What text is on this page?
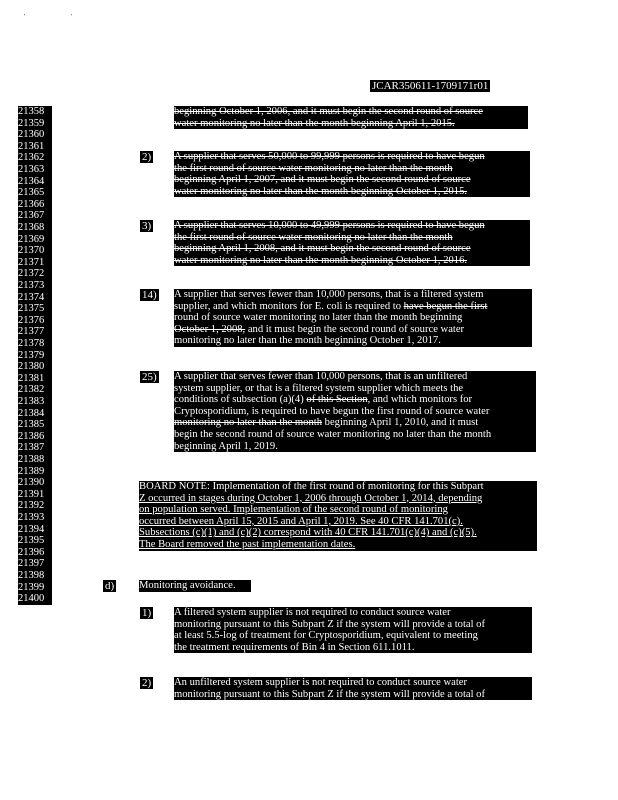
' '
JCAR350611-1709171r01
21358
21359
21360
21361
21362
21363
21364
21365
21366
21367
21368
21369
21370
21371
21372
21373
21374
21375
21376
21377
21378
21379
21380
21381
21382
21383
21384
21385
21386
21387
21388
21389
21390
21391
21392
21393
21394
21395
21396
21397
21398
21399
21400
2)
3)
14)
25)
d)
1)
2)
beginning October 1, 2006, and it must begin the second round of source
water monitoring no later than the month beginning April 1, 2015.
A supplier that serves 50,000 to 99,999 persons is required to have begun
the first round of source water monitoring no later than the month
beginning April 1, 2007, and it must begin the second round of source
water monitoring no later than the month beginning October 1, 2015.
A supplier that serves 10,000 to 49,999 persons is required to have begun
the first round of source water monitoring no later than the month
beginning April 1, 2008, and it must begin the second round of source
water monitoring no later than the month beginning October 1, 2016.
A supplier that serves fewer than 10,000 persons, that is a filtered system
supplier, and which monitors for E. coli is required to have begun the first
round of source water monitoring no later than the month beginning
October 1, 2008, and it must begin the second round of source water
monitoring no later than the month beginning October 1, 2017.
A supplier that serves fewer than 10,000 persons, that is an unfiltered
system supplier, or that is a filtered system supplier which meets the
conditions of subsection (a)(4) of this Section, and which monitors for
Cryptosporidium, is required to have begun the first round of source water
monitoring no later than the month beginning April 1, 2010, and it must
begin the second round of source water monitoring no later than the month
beginning April 1, 2019.
BOARD NOTE: Implementation of the first round of monitoring for this Subpart
Z occurred in stages during October 1, 2006 through October 1, 2014, depending
on population served. Implementation of the second round of monitoring
occurred between April 15, 2015 and April 1, 2019. See 40 CFR 141.701(c).
Subsections (c)(1) and (c)(2) correspond with 40 CFR 141.701(c)(4) and (c)(5).
The Board removed the past implementation dates.
Monitoring avoidance.
A filtered system supplier is not required to conduct source water
monitoring pursuant to this Subpart Z if the system will provide a total of
at least 5.5-log of treatment for Cryptosporidium, equivalent to meeting
the treatment requirements of Bin 4 in Section 611.1011.
An unfiltered system supplier is not required to conduct source water
monitoring pursuant to this Subpart Z if the system will provide a total of
